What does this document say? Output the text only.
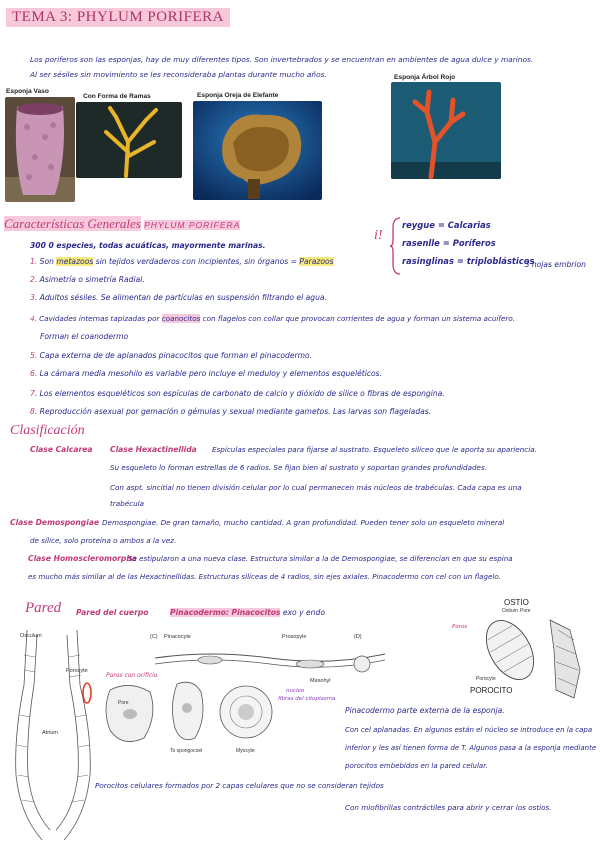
TEMA 3: PHYLUM PORIFERA
Los poriferos son las esponjas, hay de muy diferentes tipos. Son invertebrados y se encuentran en ambientes de agua dulce y marinos.
Al ser sésiles sin movimiento se les reconsideraba plantas durante mucho años.
Esponja Vaso
Con Forma de Ramas	Esponja Oreja de Elefante
Esponja Árbol Rojo
Características Generales PHYLUM PORIFERA
300 0 especies, todas acuáticas, mayormente marinas.
1. Son metazoos sin tejidos verdaderos con incipientes, sin órganos = Parazoos
2. Asimetría o simetría Radial.
3. Adultos sésiles. Se alimentan de partículas en suspensión filtrando el agua.
4. Cavidades internas tapizadas por coanocitos con flagelos con collar que provocan corrientes de agua y forman un sistema acuífero.
Forman el coanodermo
5. Capa externa de de aplanados pinacocitos que forman el pinacodermo.
6. La cámara media mesohilo es variable pero incluye el meduloy y elementos esqueléticos.
7. Los elementos esqueléticos son espículas de carbonato de calcio y dióxido de sílice o fibras de espongina.
8. Reproducción asexual por gemación o gémulas y sexual mediante gametos. Las larvas son flageladas.
i!
reygue = Calcarias
rasenlle = Poríferos
rasinglinas = triploblásticos
3 hojas embrion
Clasificación
Clase Calcarea Clase Hexactinellida Espículas especiales para fijarse al sustrato. Esqueleto silíceo que le aporta su apariencia.
Su esqueleto lo forman estrellas de 6 radios. Se fijan bien al sustrato y soportan grandes profundidades.
Con aspt. sincitial no tienen división celular por lo cual permanecen más núcleos de trabéculas. Cada capa es una
trabécula
Clase Demospongiae Demospongiae. De gran tamaño, mucho cantidad. A gran profundidad. Pueden tener solo un esqueleto mineral
de sílice, solo proteína o ambos a la vez.
Clase Homoscleromorpha
Se estipularon a una nueva clase. Estructura similar a la de Demospongiae, se diferencian en que su espina
es mucho más similar al de las Hexactinellidas. Estructuras silíceas de 4 radios, sin ejes axiales. Pinacodermo con cel con un flagelo.
Pared Pared del cuerpo	Pinacodermo: Pinacocitos exo y endo
Osculum
Porocyte
Atrium
(C) Pinacocyte	Prosopyle	(D)
Mesohyl
Poros con orificio
Pore
To spongocoel	Myocyte
nucleo
fibras del citoplasma
OSTIO
Ostium Pore
Poros
Porocyte
POROCITO
Pinacodermo parte externa de la esponja.
Con cel aplanadas. En algunos están el núcleo se introduce en la capa
inferior y les así tienen forma de T. Algunos pasa a la esponja mediante
porocitos embebidos en la pared celular.
Porocitos celulares formados por 2 capas celulares que no se consideran tejidos
Con miofibrillas contráctiles para abrir y cerrar los ostios.
